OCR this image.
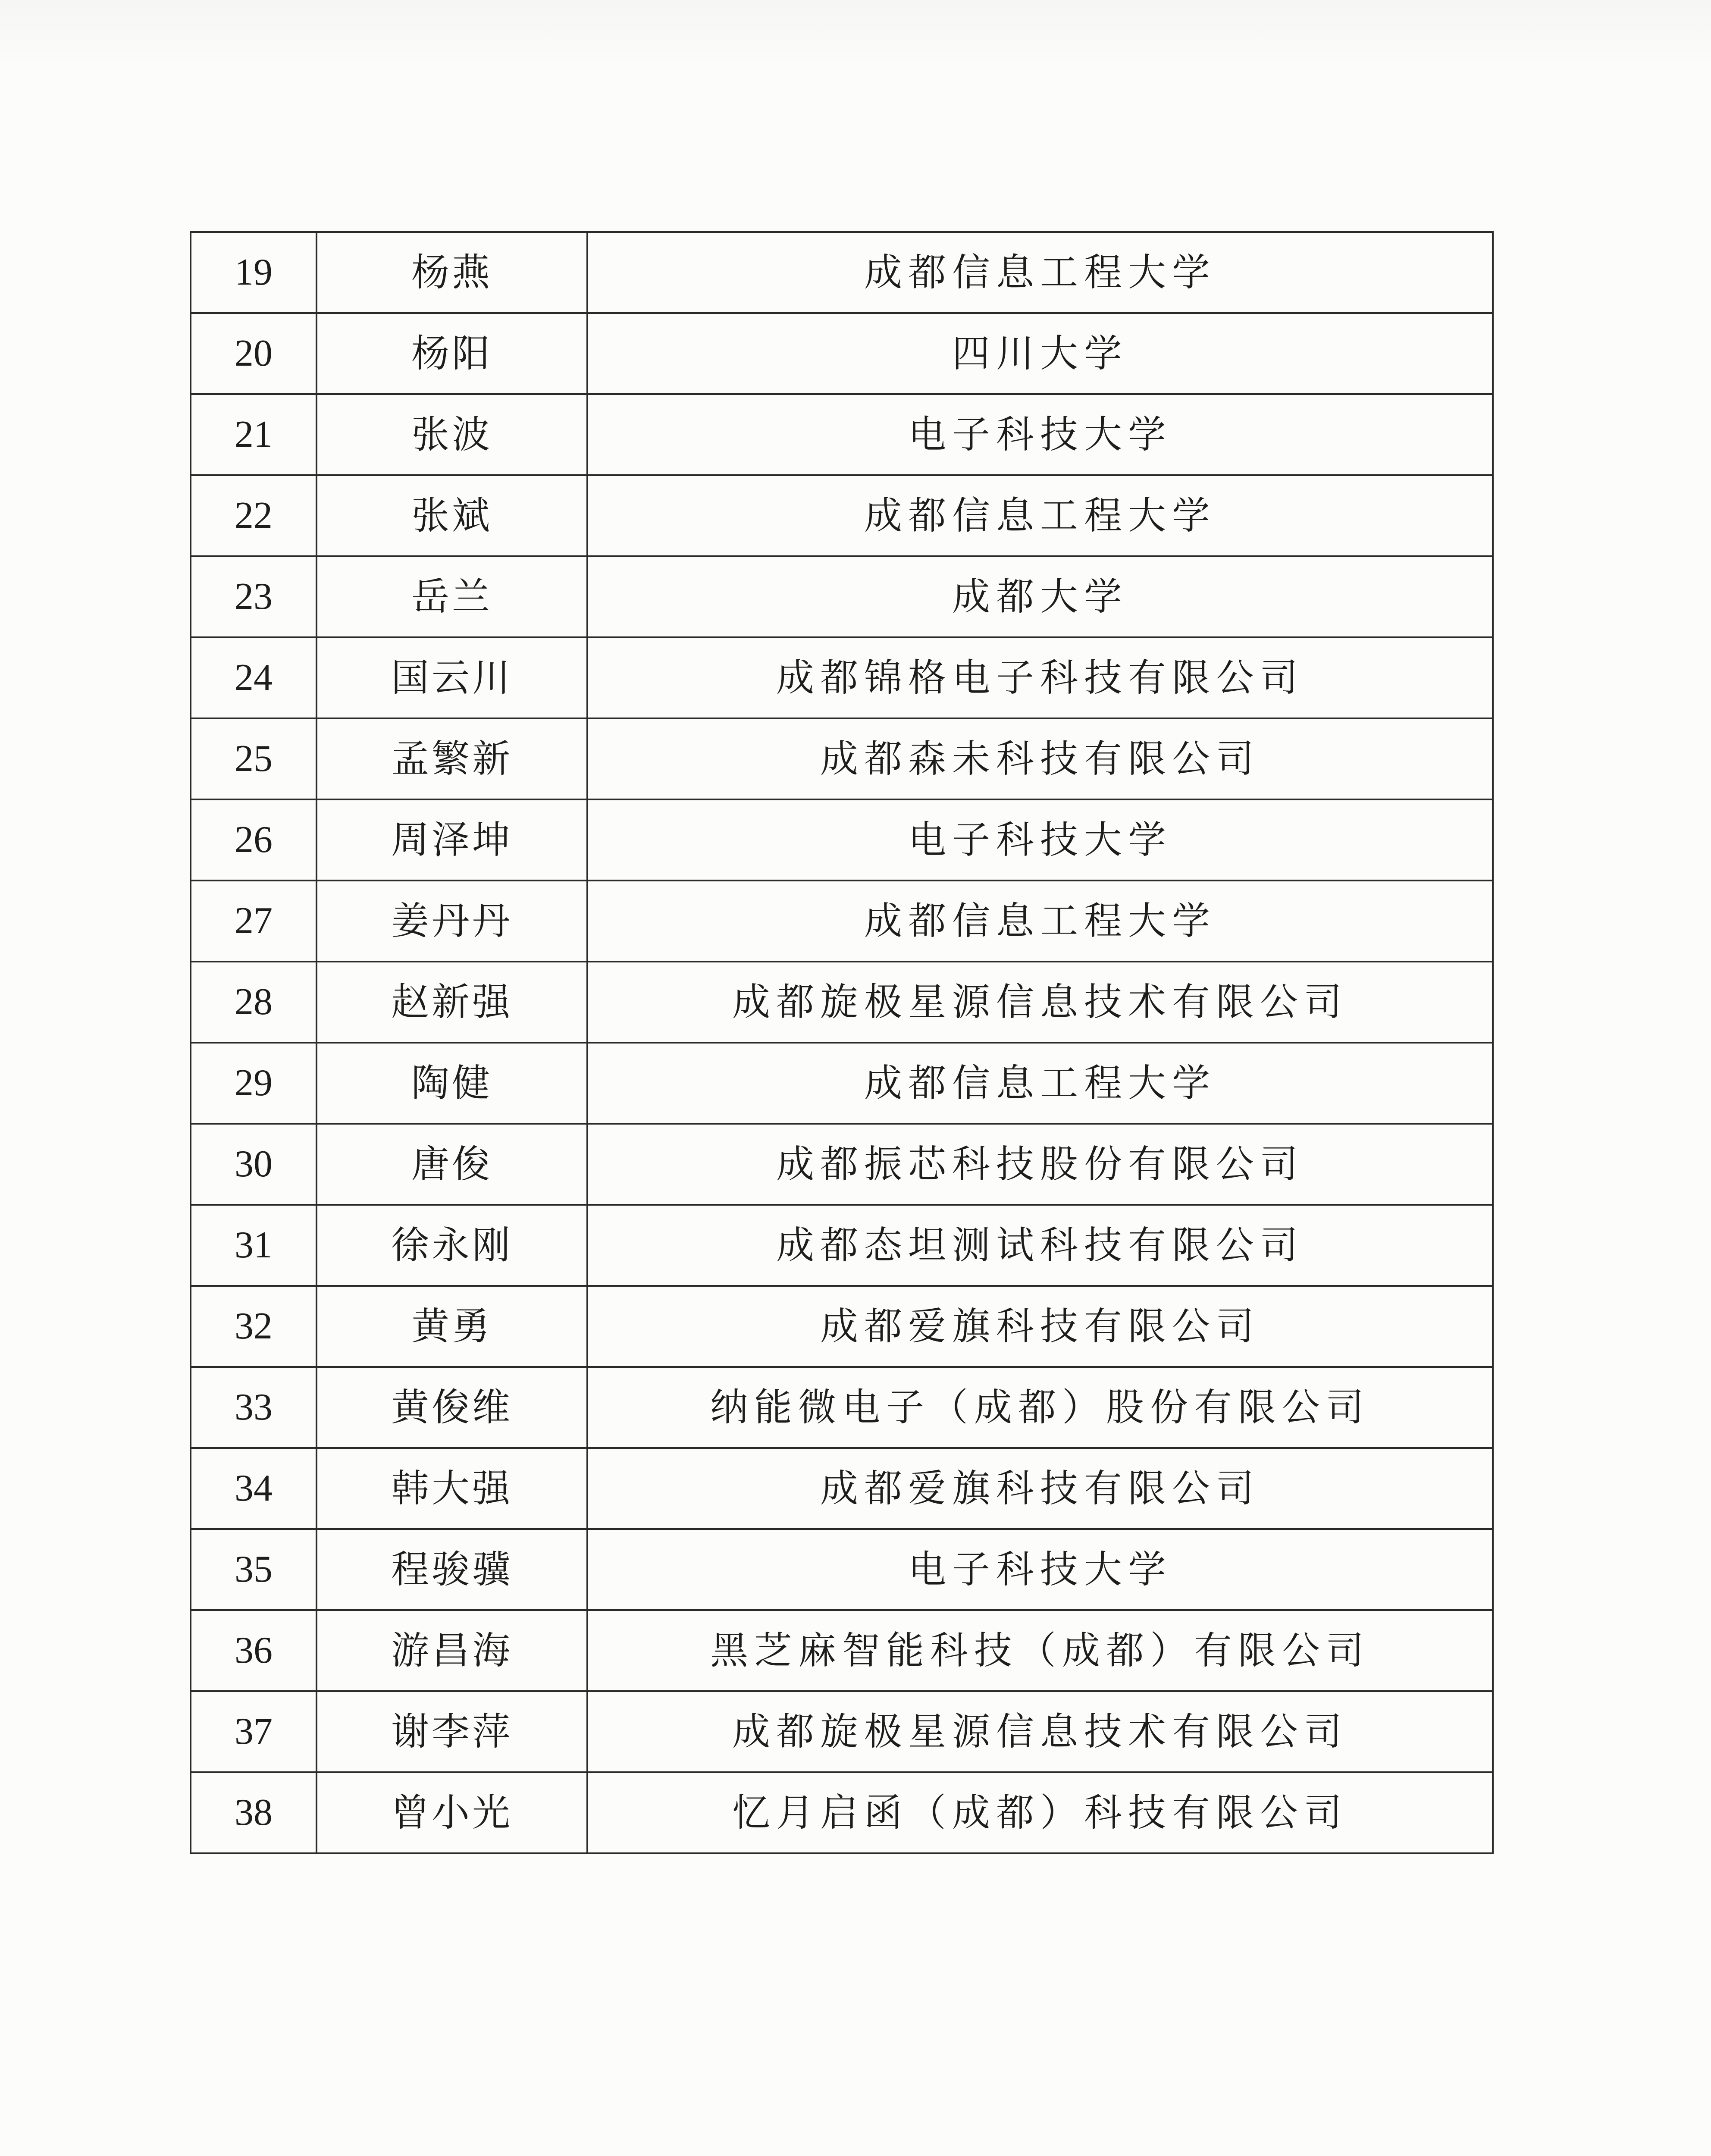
19	杨燕	成都信息工程大学
20	杨阳	四川大学
21	张波	电子科技大学
22	张斌	成都信息工程大学
23	岳兰	成都大学
24	国云川	成都锦格电子科技有限公司
25	孟繁新	成都森未科技有限公司
26	周泽坤	电子科技大学
27	姜丹丹	成都信息工程大学
28	赵新强	成都旋极星源信息技术有限公司
29	陶健	成都信息工程大学
30	唐俊	成都振芯科技股份有限公司
31	徐永刚	成都态坦测试科技有限公司
32	黄勇	成都爱旗科技有限公司
33	黄俊维	纳能微电子（成都）股份有限公司
34	韩大强	成都爱旗科技有限公司
35	程骏骥	电子科技大学
36	游昌海	黑芝麻智能科技（成都）有限公司
37	谢李萍	成都旋极星源信息技术有限公司
38	曾小光	忆月启函（成都）科技有限公司
